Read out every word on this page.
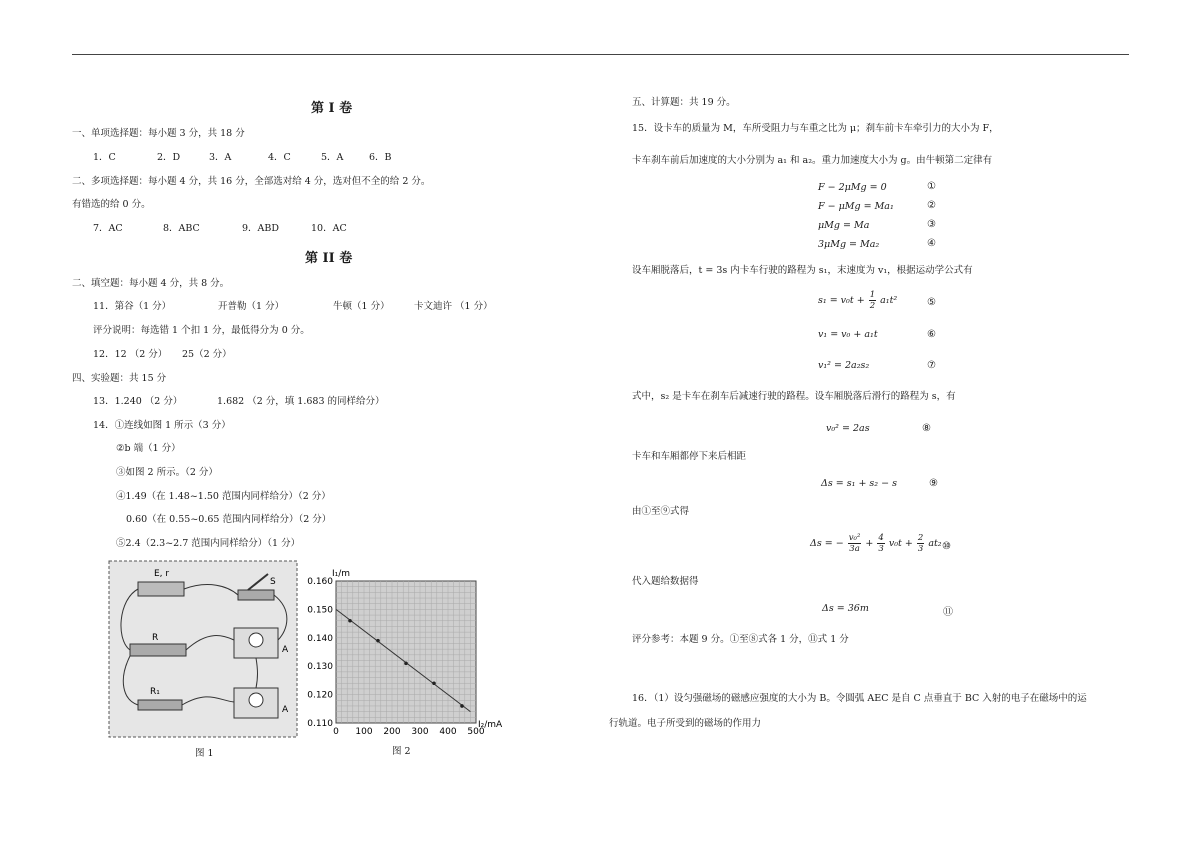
第 I 卷
一、单项选择题：每小题 3 分，共 18 分
1．C	2．D	3．A	4．C	5．A	6．B
二、多项选择题：每小题 4 分，共 16 分，全部选对给 4 分，选对但不全的给 2 分。
有错选的给 0 分。
7．AC	8．ABC	9．ABD	10．AC
第 II 卷
二、填空题：每小题 4 分，共 8 分。
11．第谷（1 分）	开普勒（1 分）	牛顿（1 分）	卡文迪许 （1 分）
评分说明：每选错 1 个扣 1 分，最低得分为 0 分。
12．12 （2 分） 25（2 分）
四、实验题：共 15 分
13．1.240 （2 分）	1.682 （2 分，填 1.683 的同样给分）
14．①连线如图 1 所示（3 分）
②b 端（1 分）
③如图 2 所示。（2 分）
④1.49（在 1.48~1.50 范围内同样给分）（2 分）
0.60（在 0.55~0.65 范围内同样给分）（2 分）
⑤2.4（2.3~2.7 范围内同样给分）（1 分）
E, r
S
R
R₁
A
A
图 1
0.110
0.120
0.130
0.140
0.150
0.160
0 100 200 300 400 500
I₁/m
I₂/mA
图 2
五、计算题：共 19 分。
15．设卡车的质量为 M，车所受阻力与车重之比为 μ；刹车前卡车牵引力的大小为 F，
卡车刹车前后加速度的大小分别为 a₁ 和 a₂。重力加速度大小为 g。由牛顿第二定律有
F − 2μMg = 0
F − μMg = Ma₁
μMg = Ma
3μMg = Ma₂
①
②
③
④
设车厢脱落后，t = 3s 内卡车行驶的路程为 s₁，末速度为 v₁，根据运动学公式有
$s_1 = v_0t + \frac{1}{2} a_1t^2$	⑤
v₁ = v₀ + a₁t	⑥
v₁² = 2a₂s₂	⑦
式中，s₂ 是卡车在刹车后减速行驶的路程。设车厢脱落后滑行的路程为 s，有
v₀² = 2as	⑧
卡车和车厢都停下来后相距
Δs = s₁ + s₂ − s	⑨
由①至⑨式得
Δs = − $\frac{\text{v₀²}}{3a} + \frac{4}{3} v_0t + \frac{2}{3} at_2$ ⑩
代入题给数据得
Δs = 36m	⑪
评分参考：本题 9 分。①至⑧式各 1 分，⑪式 1 分
16．（1）设匀强磁场的磁感应强度的大小为 B。令圆弧 AEC 是自 C 点垂直于 BC 入射的电子在磁场中的运
行轨道。电子所受到的磁场的作用力
